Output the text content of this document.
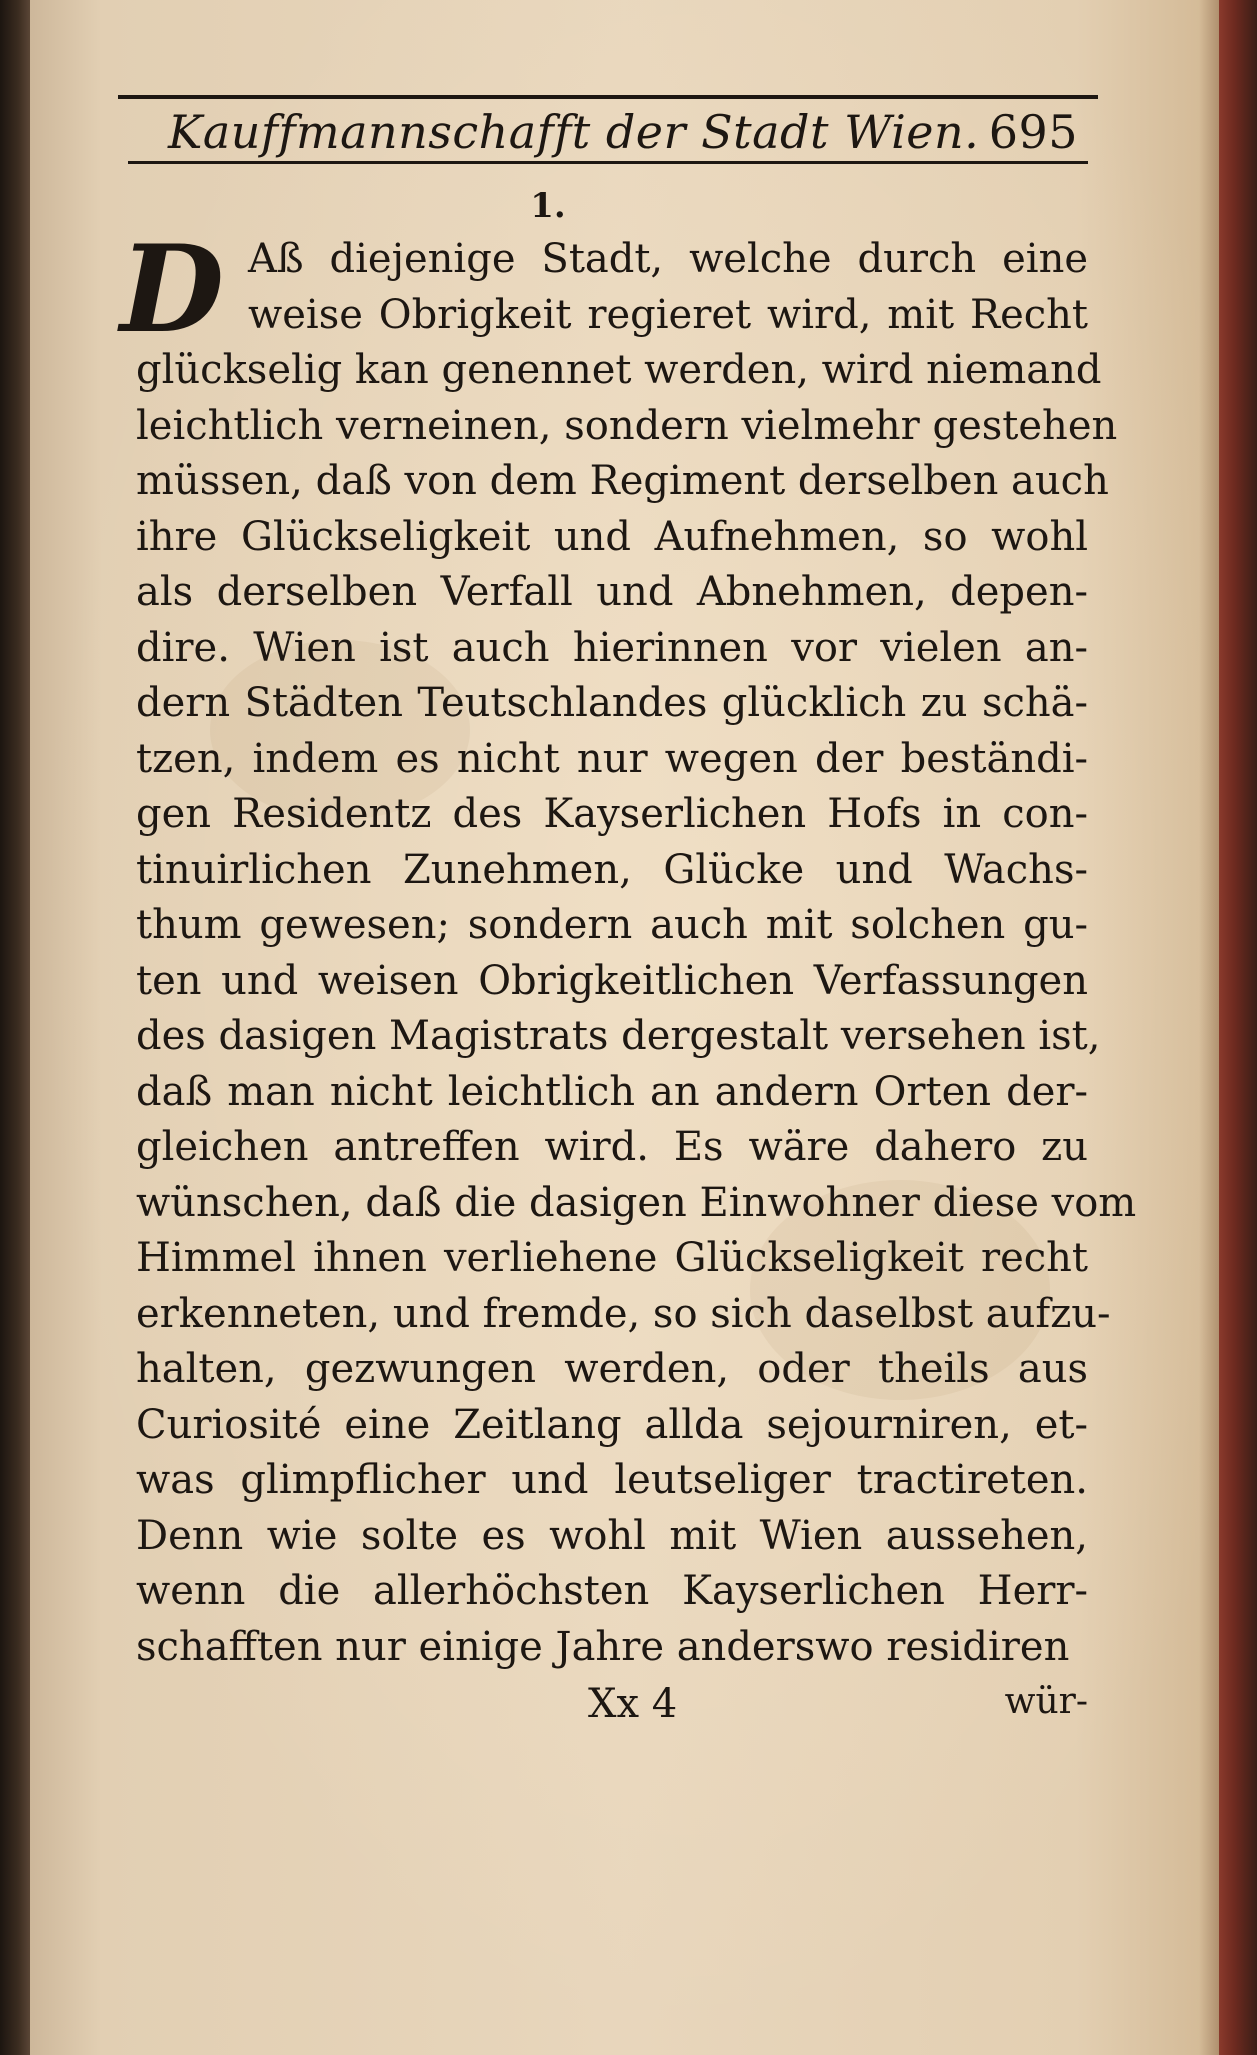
Kauffmannschafft der Stadt Wien. 695
1.
D Aß diejenige Stadt, welche durch eine
weise Obrigkeit regieret wird, mit Recht
glückselig kan genennet werden, wird niemand
leichtlich verneinen, sondern vielmehr gestehen
müssen, daß von dem Regiment derselben auch
ihre Glückseligkeit und Aufnehmen, so wohl
als derselben Verfall und Abnehmen, depen-
dire. Wien ist auch hierinnen vor vielen an-
dern Städten Teutschlandes glücklich zu schä-
tzen, indem es nicht nur wegen der beständi-
gen Residentz des Kayserlichen Hofs in con-
tinuirlichen Zunehmen, Glücke und Wachs-
thum gewesen; sondern auch mit solchen gu-
ten und weisen Obrigkeitlichen Verfassungen
des dasigen Magistrats dergestalt versehen ist,
daß man nicht leichtlich an andern Orten der-
gleichen antreffen wird. Es wäre dahero zu
wünschen, daß die dasigen Einwohner diese vom
Himmel ihnen verliehene Glückseligkeit recht
erkenneten, und fremde, so sich daselbst aufzu-
halten, gezwungen werden, oder theils aus
Curiosité eine Zeitlang allda sejourniren, et-
was glimpflicher und leutseliger tractireten.
Denn wie solte es wohl mit Wien aussehen,
wenn die allerhöchsten Kayserlichen Herr-
schafften nur einige Jahre anderswo residiren
Xx 4	wür-
